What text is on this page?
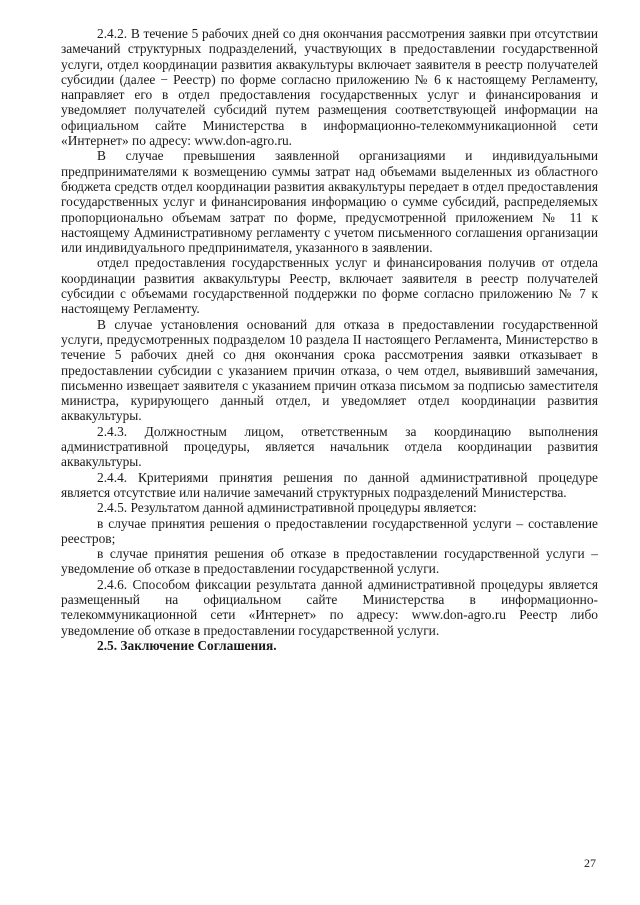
2.4.2. В течение 5 рабочих дней со дня окончания рассмотрения заявки при отсутствии замечаний структурных подразделений, участвующих в предоставлении государственной услуги, отдел координации развития аквакультуры включает заявителя в реестр получателей субсидии (далее − Реестр) по форме согласно приложению № 6 к настоящему Регламенту, направляет его в отдел предоставления государственных услуг и финансирования и уведомляет получателей субсидий путем размещения соответствующей информации на официальном сайте Министерства в информационно-телекоммуникационной сети «Интернет» по адресу: www.don-agro.ru.

В случае превышения заявленной организациями и индивидуальными предпринимателями к возмещению суммы затрат над объемами выделенных из областного бюджета средств отдел координации развития аквакультуры передает в отдел предоставления государственных услуг и финансирования информацию о сумме субсидий, распределяемых пропорционально объемам затрат по форме, предусмотренной приложением № 11 к настоящему Административному регламенту с учетом письменного соглашения организации или индивидуального предпринимателя, указанного в заявлении.

отдел предоставления государственных услуг и финансирования получив от отдела координации развития аквакультуры Реестр, включает заявителя в реестр получателей субсидии с объемами государственной поддержки по форме согласно приложению № 7 к настоящему Регламенту.

В случае установления оснований для отказа в предоставлении государственной услуги, предусмотренных подразделом 10 раздела II настоящего Регламента, Министерство в течение 5 рабочих дней со дня окончания срока рассмотрения заявки отказывает в предоставлении субсидии с указанием причин отказа, о чем отдел, выявивший замечания, письменно извещает заявителя с указанием причин отказа письмом за подписью заместителя министра, курирующего данный отдел, и уведомляет отдел координации развития аквакультуры.

2.4.3. Должностным лицом, ответственным за координацию выполнения административной процедуры, является начальник отдела координации развития аквакультуры.

2.4.4. Критериями принятия решения по данной административной процедуре является отсутствие или наличие замечаний структурных подразделений Министерства.

2.4.5. Результатом данной административной процедуры является:

в случае принятия решения о предоставлении государственной услуги – составление реестров;

в случае принятия решения об отказе в предоставлении государственной услуги – уведомление об отказе в предоставлении государственной услуги.

2.4.6. Способом фиксации результата данной административной процедуры является размещенный на официальном сайте Министерства в информационно-телекоммуникационной сети «Интернет» по адресу: www.don-agro.ru Реестр либо уведомление об отказе в предоставлении государственной услуги.

2.5. Заключение Соглашения.

27
